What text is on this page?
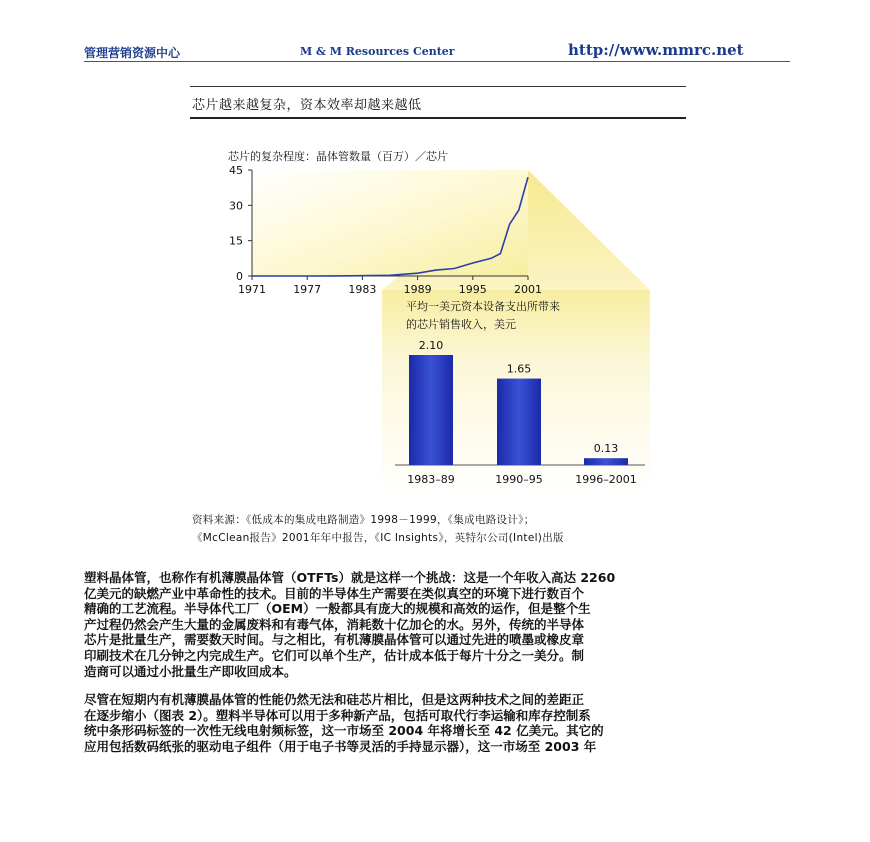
管理营销资源中心	M & M Resources Center	http://www.mmrc.net
芯片越来越复杂，资本效率却越来越低
芯片的复杂程度：晶体管数量（百万）／芯片
0
15
30
45
1971 1977 1983 1989 1995 2001
平均一美元资本设备支出所带来
的芯片销售收入，美元
2.10
1983–89
1.65
1990–95
0.13
1996–2001
资料来源：《低成本的集成电路制造》1998－1999，《集成电路设计》；
《McClean报告》2001年年中报告，《IC Insights》，英特尔公司(Intel)出版
塑料晶体管，也称作有机薄膜晶体管（OTFTs）就是这样一个挑战：这是一个年收入高达 2260
亿美元的缺燃产业中革命性的技术。目前的半导体生产需要在类似真空的环境下进行数百个
精确的工艺流程。半导体代工厂（OEM）一般都具有庞大的规模和高效的运作，但是整个生
产过程仍然会产生大量的金属废料和有毒气体，消耗数十亿加仑的水。另外，传统的半导体
芯片是批量生产，需要数天时间。与之相比，有机薄膜晶体管可以通过先进的喷墨或橡皮章
印刷技术在几分钟之内完成生产。它们可以单个生产，估计成本低于每片十分之一美分。制
造商可以通过小批量生产即收回成本。
尽管在短期内有机薄膜晶体管的性能仍然无法和硅芯片相比，但是这两种技术之间的差距正
在逐步缩小（图表 2）。塑料半导体可以用于多种新产品，包括可取代行李运输和库存控制系
统中条形码标签的一次性无线电射频标签，这一市场至 2004 年将增长至 42 亿美元。其它的
应用包括数码纸张的驱动电子组件（用于电子书等灵活的手持显示器），这一市场至 2003 年
